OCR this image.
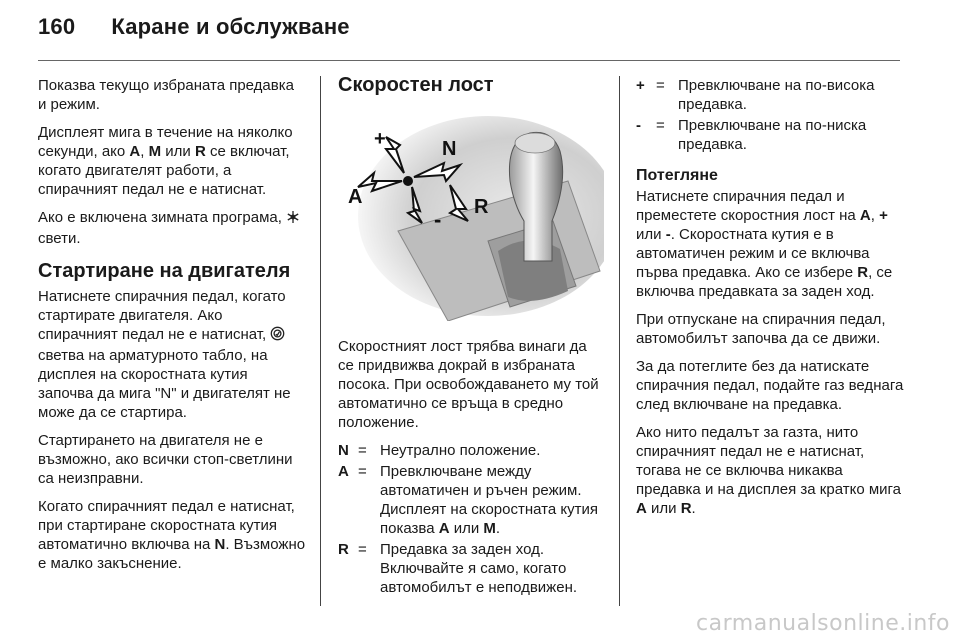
160 Каране и обслужване

Показва текущо избраната предавка и режим.

Дисплеят мига в течение на няколко секунди, ако A, M или R се включат, когато двигателят работи, а спирачният педал не е натиснат.

Ако е включена зимната програма,  свети.

Стартиране на двигателя

Натиснете спирачния педал, когато стартирате двигателя. Ако спирачният педал не е натиснат,  светва на арматурното табло, на дисплея на скоростната кутия започва да мига "N" и двигателят не може да се стартира.

Стартирането на двигателя не е възможно, ако всички стоп-светлини са неизправни.

Когато спирачният педал е натиснат, при стартиране скоростната кутия автоматично включва на N. Възможно е малко закъснение.

Скоростен лост
+
A
N
- R

Скоростният лост трябва винаги да се придвижва докрай в избраната посока. При освобождаването му той автоматично се връща в средно положение.

N = Неутрално положение.
A = Превключване между автоматичен и ръчен режим. Дисплеят на скоростната кутия показва A или M.
R = Предавка за заден ход. Включвайте я само, когато автомобилът е неподвижен.
+ = Превключване на по-висока предавка.
-	= Превключване на по-ниска предавка.
Потегляне

Натиснете спирачния педал и преместете скоростния лост на A, + или -. Скоростната кутия е в автоматичен режим и се включва първа предавка. Ако се избере R, се включва предавката за заден ход.

При отпускане на спирачния педал, автомобилът започва да се движи.

За да потеглите без да натискате спирачния педал, подайте газ веднага след включване на предавка.

Ако нито педалът за газта, нито спирачният педал не е натиснат, тогава не се включва никаква предавка и на дисплея за кратко мига A или R.

carmanualsonline.info
